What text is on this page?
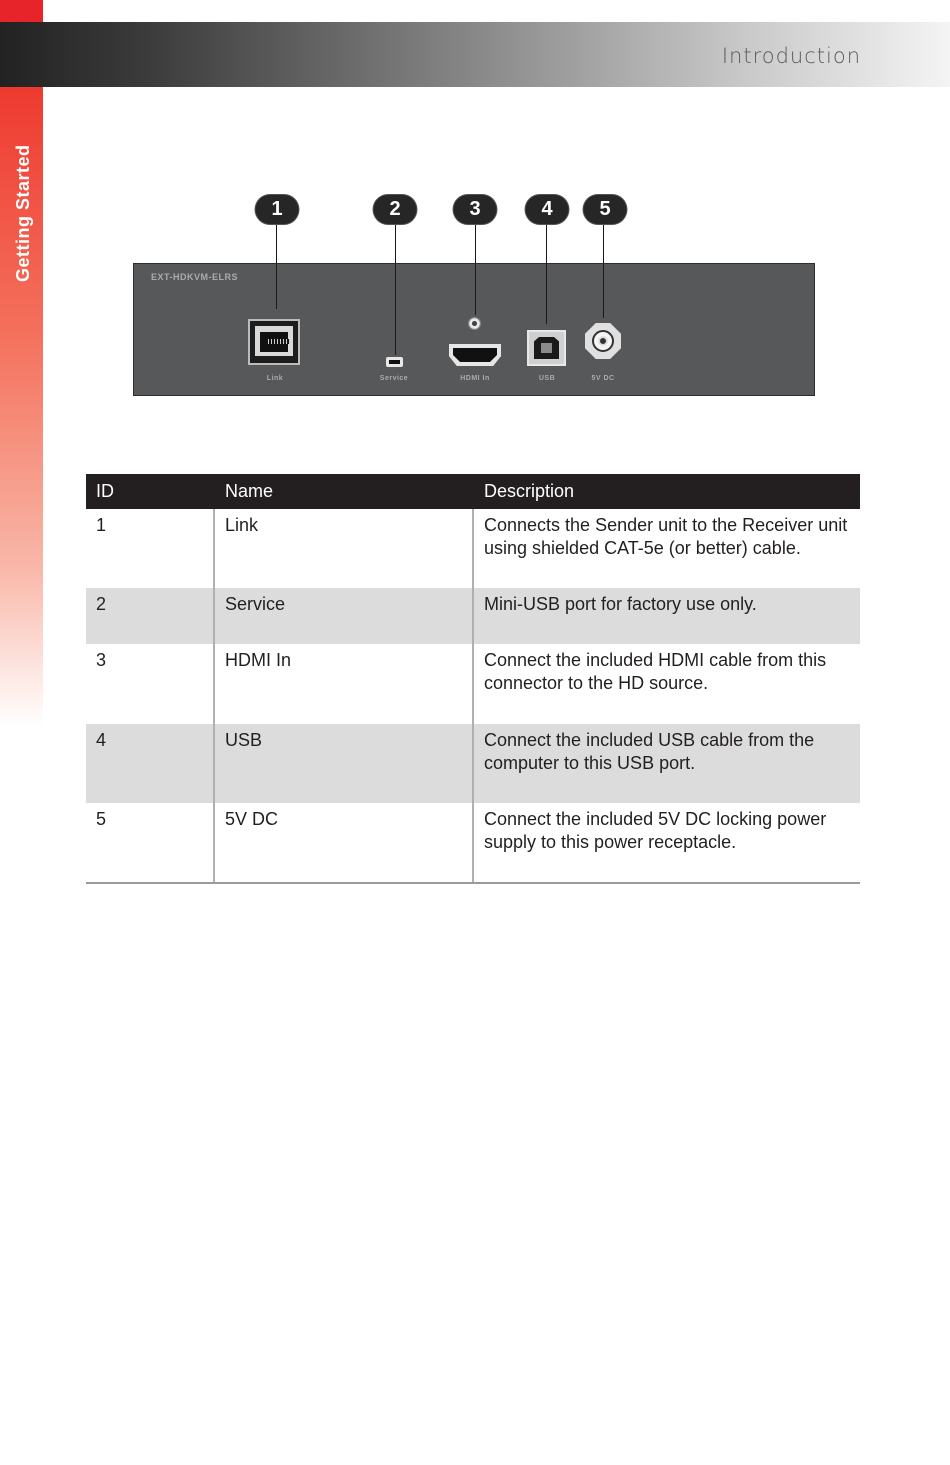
Introduction
Getting Started	EXT-HDKVM-ELRS
1	2	3	4	5
Link	Service	HDMI In	USB	5V DC
ID	Name	Description
1	Link	Connects the Sender unit to the Receiver unit using shielded CAT-5e (or better) cable.
2	Service	Mini-USB port for factory use only.
3	HDMI In	Connect the included HDMI cable from this connector to the HD source.
4	USB	Connect the included USB cable from the computer to this USB port.
5	5V DC	Connect the included 5V DC locking power supply to this power receptacle.
